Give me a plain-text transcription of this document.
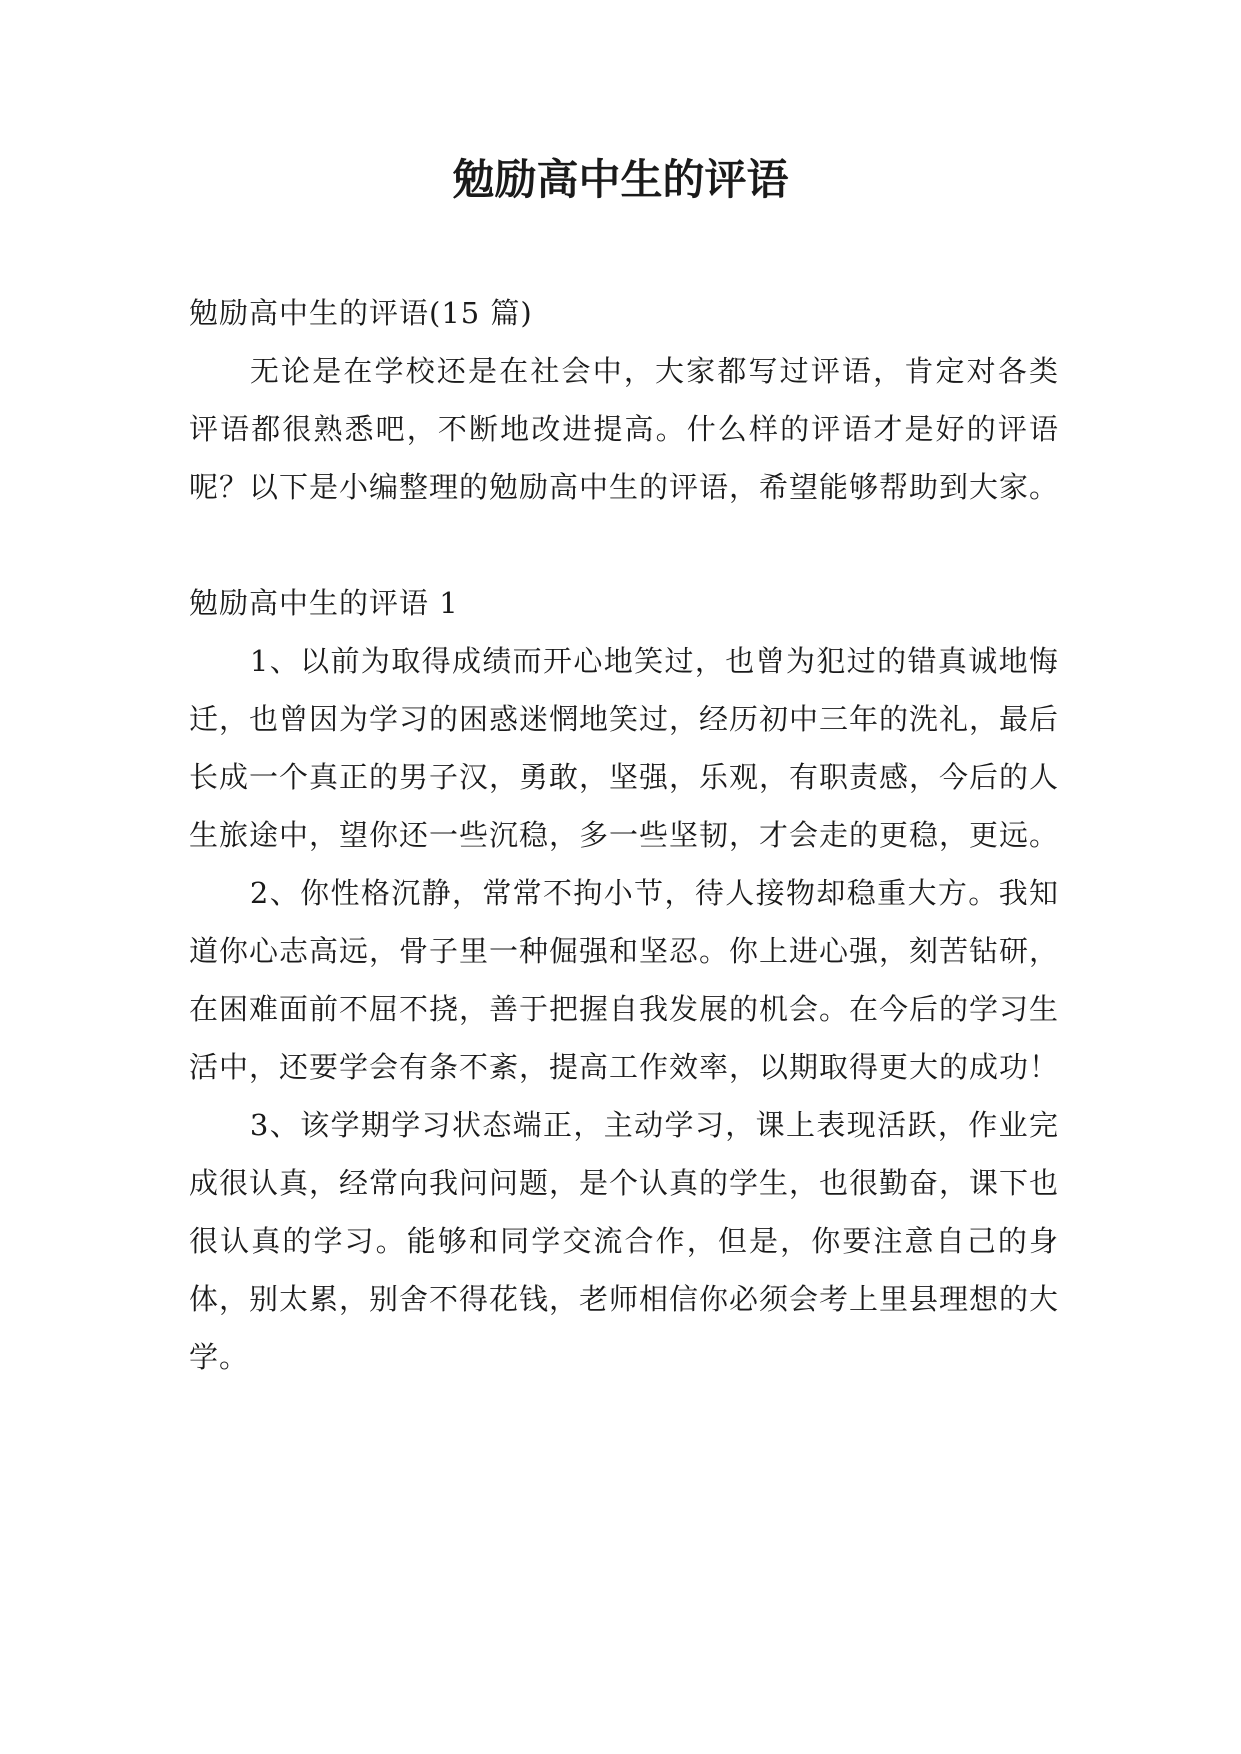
勉励高中生的评语

勉励高中生的评语(15 篇)

无论是在学校还是在社会中，大家都写过评语，肯定对各类评语都很熟悉吧，不断地改进提高。什么样的评语才是好的评语呢？以下是小编整理的勉励高中生的评语，希望能够帮助到大家。

勉励高中生的评语 1

1、以前为取得成绩而开心地笑过，也曾为犯过的错真诚地悔迁，也曾因为学习的困惑迷惘地笑过，经历初中三年的洗礼，最后长成一个真正的男子汉，勇敢，坚强，乐观，有职责感，今后的人生旅途中，望你还一些沉稳，多一些坚韧，才会走的更稳，更远。

2、你性格沉静，常常不拘小节，待人接物却稳重大方。我知道你心志高远，骨子里一种倔强和坚忍。你上进心强，刻苦钻研，在困难面前不屈不挠，善于把握自我发展的机会。在今后的学习生活中，还要学会有条不紊，提高工作效率，以期取得更大的成功！

3、该学期学习状态端正，主动学习，课上表现活跃，作业完成很认真，经常向我问问题，是个认真的学生，也很勤奋，课下也很认真的学习。能够和同学交流合作，但是，你要注意自己的身体，别太累，别舍不得花钱，老师相信你必须会考上里县理想的大学。
